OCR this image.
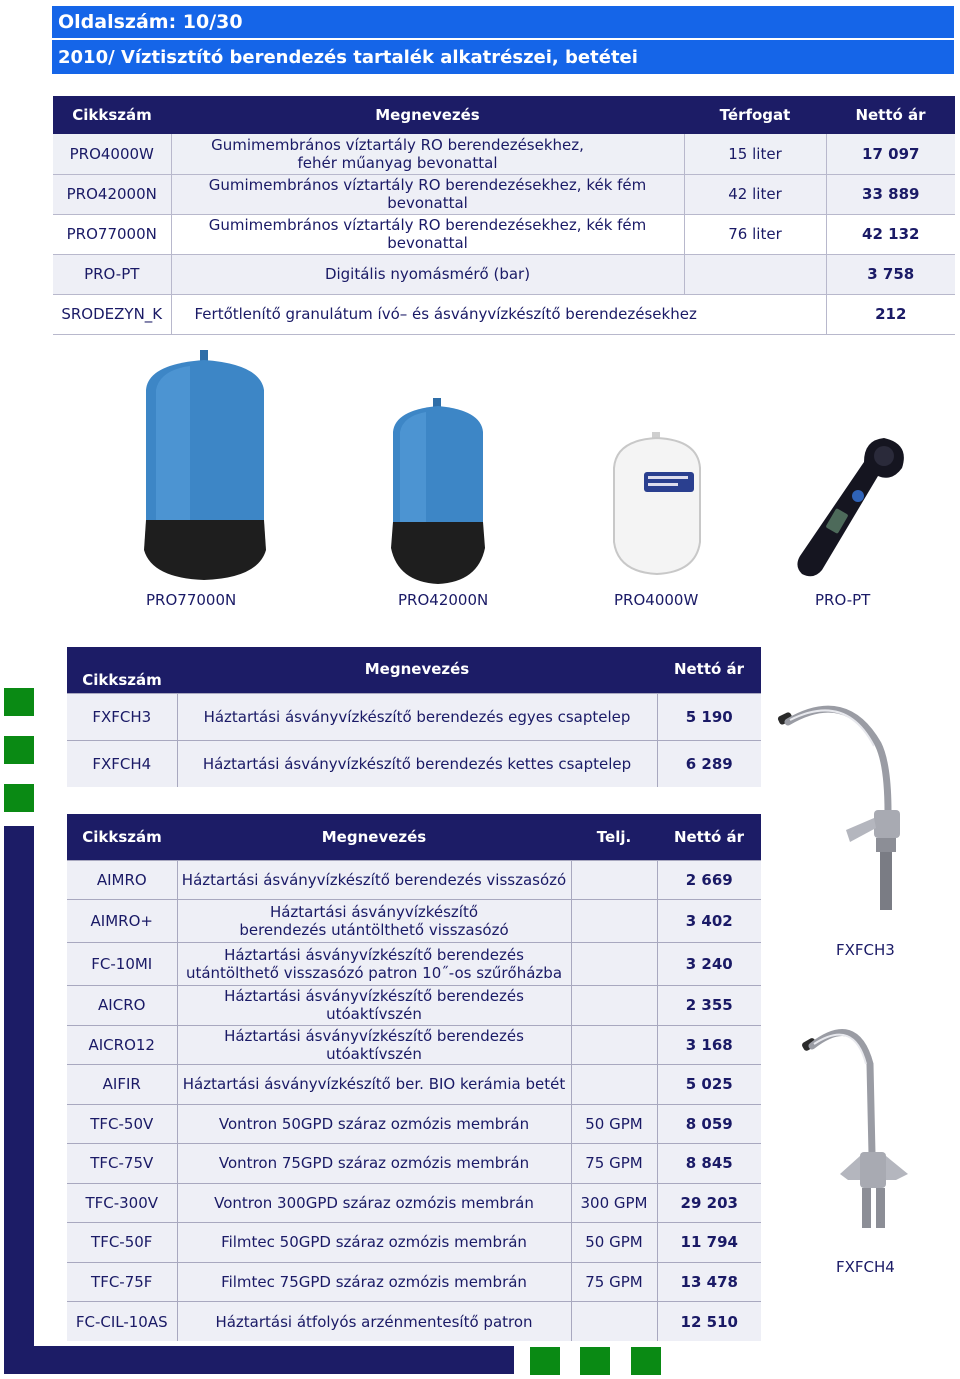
Oldalszám: 10/30
2010/ Víztisztító berendezés tartalék alkatrészei, betétei
Cikkszám	Megnevezés	Térfogat	Nettó ár
PRO4000W	Gumimembrános víztartály RO berendezésekhez, fehér műanyag bevonattal	15 liter	17 097
PRO42000N	Gumimembrános víztartály RO berendezésekhez, kék fém bevonattal	42 liter	33 889
PRO77000N	Gumimembrános víztartály RO berendezésekhez, kék fém bevonattal	76 liter	42 132
PRO-PT	Digitális nyomásmérő (bar)		3 758
SRODEZYN_K	Fertőtlenítő granulátum ívó– és ásványvízkészítő berendezésekhez		212
PRO77000N	PRO42000N	PRO4000W	PRO-PT
Cikkszám	Megnevezés	Nettó ár
FXFCH3	Háztartási ásványvízkészítő berendezés egyes csaptelep	5 190
FXFCH4	Háztartási ásványvízkészítő berendezés kettes csaptelep	6 289
Cikkszám	Megnevezés	Telj.	Nettó ár
AIMRO	Háztartási ásványvízkészítő berendezés visszasózó		2 669
AIMRO+	Háztartási ásványvízkészítő berendezés utántölthető visszasózó		3 402
FC-10MI	Háztartási ásványvízkészítő berendezés utántölthető visszasózó patron 10˝-os szűrőházba		3 240
AICRO	Háztartási ásványvízkészítő berendezés utóaktívszén		2 355
AICRO12	Háztartási ásványvízkészítő berendezés utóaktívszén		3 168
AIFIR	Háztartási ásványvízkészítő ber. BIO kerámia betét		5 025
TFC-50V	Vontron 50GPD száraz ozmózis membrán	50 GPM	8 059
TFC-75V	Vontron 75GPD száraz ozmózis membrán	75 GPM	8 845
TFC-300V	Vontron 300GPD száraz ozmózis membrán	300 GPM	29 203
TFC-50F	Filmtec 50GPD száraz ozmózis membrán	50 GPM	11 794
TFC-75F	Filmtec 75GPD száraz ozmózis membrán	75 GPM	13 478
FC-CIL-10AS	Háztartási átfolyós arzénmentesítő patron		12 510
FXFCH3
FXFCH4
